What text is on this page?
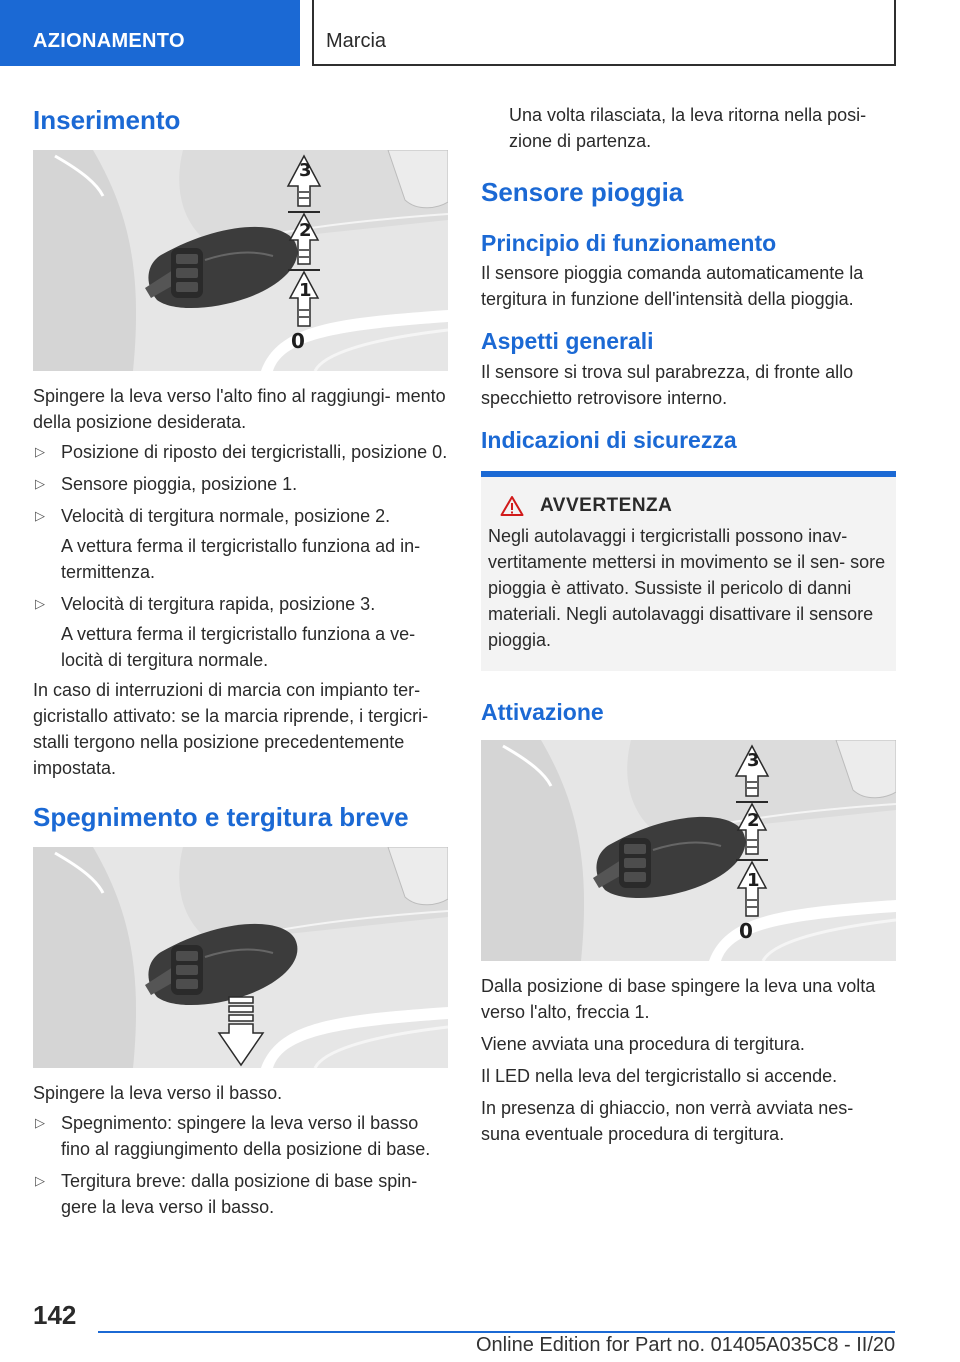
AZIONAMENTO	Marcia
Inserimento
3
2
1
0

Spingere la leva verso l'alto fino al raggiungi- mento della posizione desiderata.

▷ Posizione di riposto dei tergicristalli, posizione 0.
▷ Sensore pioggia, posizione 1.
▷ Velocità di tergitura normale, posizione 2.

A vettura ferma il tergicristallo funziona ad in- termittenza.

▷ Velocità di tergitura rapida, posizione 3.

A vettura ferma il tergicristallo funziona a ve- locità di tergitura normale.

In caso di interruzioni di marcia con impianto ter- gicristallo attivato: se la marcia riprende, i tergicri- stalli tergono nella posizione precedentemente impostata.

Spegnimento e tergitura breve

Spingere la leva verso il basso.

▷ Spegnimento: spingere la leva verso il basso fino al raggiungimento della posizione di base.
▷ Tergitura breve: dalla posizione di base spin- gere la leva verso il basso.

Una volta rilasciata, la leva ritorna nella posi- zione di partenza.

Sensore pioggia
Principio di funzionamento

Il sensore pioggia comanda automaticamente la tergitura in funzione dell'intensità della pioggia.

Aspetti generali

Il sensore si trova sul parabrezza, di fronte allo specchietto retrovisore interno.

Indicazioni di sicurezza
AVVERTENZA

Negli autolavaggi i tergicristalli possono inav- vertitamente mettersi in movimento se il sen- sore pioggia è attivato. Sussiste il pericolo di danni materiali. Negli autolavaggi disattivare il sensore pioggia.

Attivazione
3
2
1
0

Dalla posizione di base spingere la leva una volta verso l'alto, freccia 1.

Viene avviata una procedura di tergitura.

Il LED nella leva del tergicristallo si accende.

In presenza di ghiaccio, non verrà avviata nes- suna eventuale procedura di tergitura.

142
Online Edition for Part no. 01405A035C8 - II/20
